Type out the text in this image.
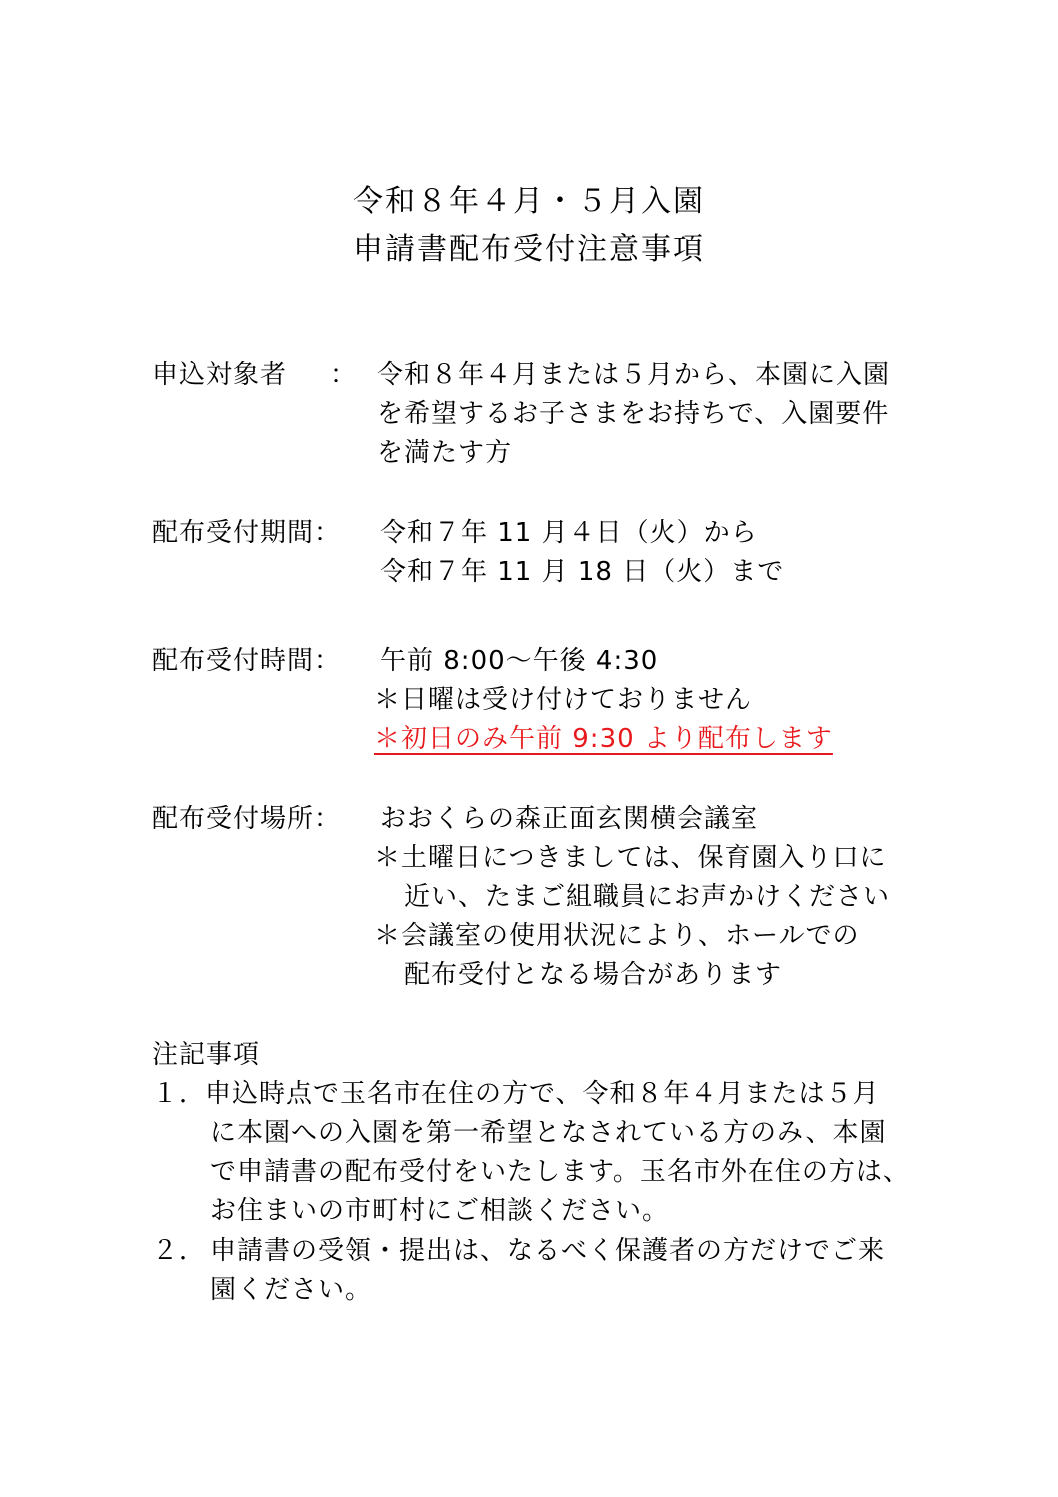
令和８年４月・５月入園
申請書配布受付注意事項
申込対象者 ： 令和８年４月または５月から、本園に入園
を希望するお子さまをお持ちで、入園要件
を満たす方
配布受付期間： 令和７年 11 月４日（火）から
令和７年 11 月 18 日（火）まで
配布受付時間： 午前 8:00～午後 4:30
＊日曜は受け付けておりません
＊初日のみ午前 9:30 より配布します
配布受付場所： おおくらの森正面玄関横会議室
＊土曜日につきましては、保育園入り口に
近い、たまご組職員にお声かけください
＊会議室の使用状況により、ホールでの
配布受付となる場合があります
注記事項
１．
申込時点で玉名市在住の方で、令和８年４月または５月
に本園への入園を第一希望となされている方のみ、本園
で申請書の配布受付をいたします。玉名市外在住の方は、
お住まいの市町村にご相談ください。
２． 申請書の受領・提出は、なるべく保護者の方だけでご来
園ください。
